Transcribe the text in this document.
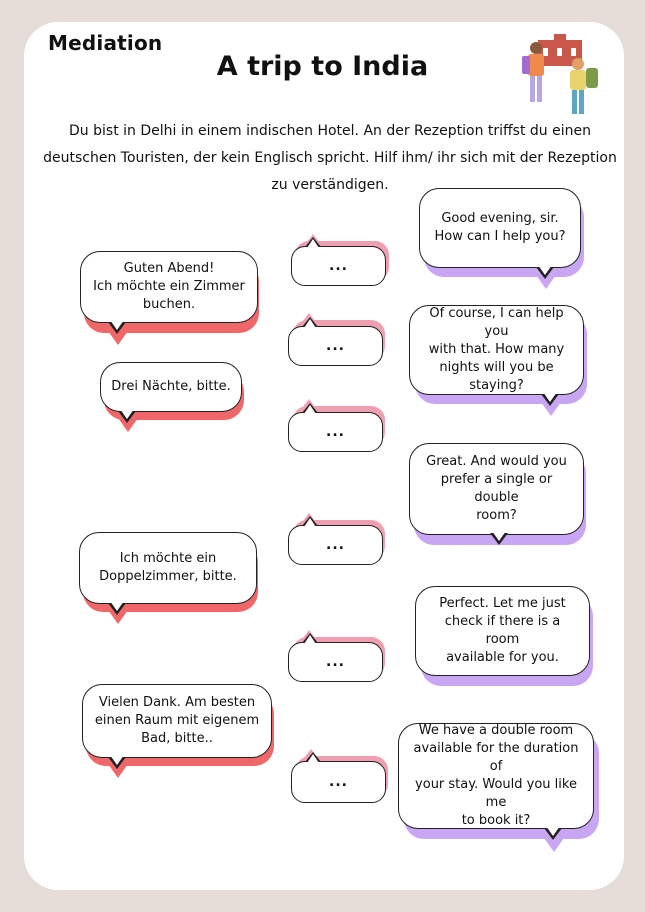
Mediation
A trip to India
Du bist in Delhi in einem indischen Hotel. An der Rezeption triffst du einen
deutschen Touristen, der kein Englisch spricht. Hilf ihm/ ihr sich mit der Rezeption
zu verständigen.
Good evening, sir.
How can I help you?
Of course, I can help you
with that. How many
nights will you be staying?
Great. And would you
prefer a single or double
room?
Perfect. Let me just
check if there is a room
available for you.
We have a double room
available for the duration of
your stay. Would you like me
to book it?
Guten Abend!
Ich möchte ein Zimmer
buchen.
Drei Nächte, bitte.
Ich möchte ein
Doppelzimmer, bitte.
Vielen Dank. Am besten
einen Raum mit eigenem
Bad, bitte..
...
...
...
...
...
...
